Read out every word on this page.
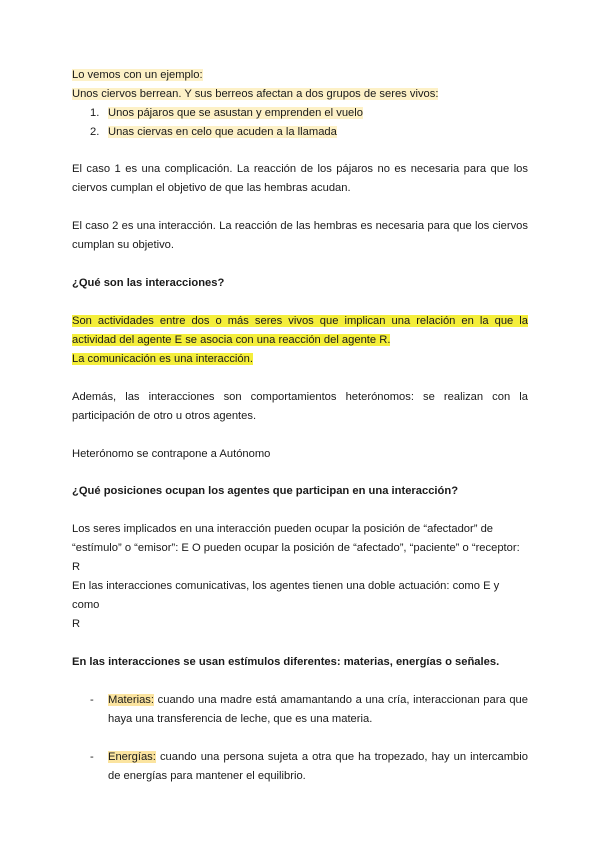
Lo vemos con un ejemplo:

Unos ciervos berrean. Y sus berreos afectan a dos grupos de seres vivos:

1. Unos pájaros que se asustan y emprenden el vuelo
2. Unas ciervas en celo que acuden a la llamada

El caso 1 es una complicación. La reacción de los pájaros no es necesaria para que los ciervos cumplan el objetivo de que las hembras acudan.

El caso 2 es una interacción. La reacción de las hembras es necesaria para que los ciervos cumplan su objetivo.

¿Qué son las interacciones?

Son actividades entre dos o más seres vivos que implican una relación en la que la actividad del agente E se asocia con una reacción del agente R.

La comunicación es una interacción.

Además, las interacciones son comportamientos heterónomos: se realizan con la participación de otro u otros agentes.

Heterónomo se contrapone a Autónomo

¿Qué posiciones ocupan los agentes que participan en una interacción?

Los seres implicados en una interacción pueden ocupar la posición de “afectador” de

“estímulo” o “emisor”: E O pueden ocupar la posición de “afectado”, “paciente” o “receptor: R

En las interacciones comunicativas, los agentes tienen una doble actuación: como E y como

R

En las interacciones se usan estímulos diferentes: materias, energías o señales.

- Materias: cuando una madre está amamantando a una cría, interaccionan para que haya una transferencia de leche, que es una materia.
- Energías: cuando una persona sujeta a otra que ha tropezado, hay un intercambio de energías para mantener el equilibrio.
